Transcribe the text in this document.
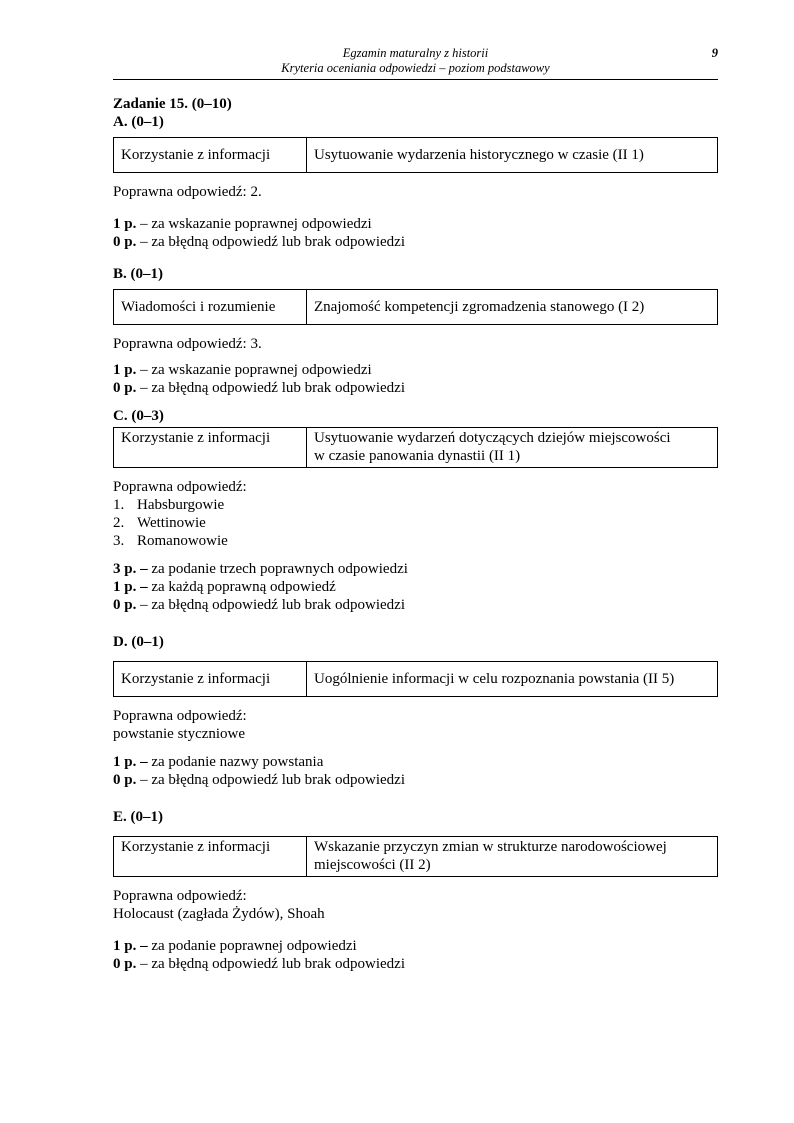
Egzamin maturalny z historii
Kryteria oceniania odpowiedzi – poziom podstawowy
9

Zadanie 15. (0–10)

A. (0–1)

Korzystanie z informacji	Usytuowanie wydarzenia historycznego w czasie (II 1)

Poprawna odpowiedź: 2.

1 p. – za wskazanie poprawnej odpowiedzi

0 p. – za błędną odpowiedź lub brak odpowiedzi

B. (0–1)

Wiadomości i rozumienie	Znajomość kompetencji zgromadzenia stanowego (I 2)

Poprawna odpowiedź: 3.

1 p. – za wskazanie poprawnej odpowiedzi

0 p. – za błędną odpowiedź lub brak odpowiedzi

C. (0–3)

Korzystanie z informacji	Usytuowanie wydarzeń dotyczących dziejów miejscowości
w czasie panowania dynastii (II 1)

Poprawna odpowiedź:

1. Habsburgowie
2. Wettinowie
3. Romanowowie

3 p. – za podanie trzech poprawnych odpowiedzi

1 p. – za każdą poprawną odpowiedź

0 p. – za błędną odpowiedź lub brak odpowiedzi

D. (0–1)

Korzystanie z informacji	Uogólnienie informacji w celu rozpoznania powstania (II 5)

Poprawna odpowiedź:

powstanie styczniowe

1 p. – za podanie nazwy powstania

0 p. – za błędną odpowiedź lub brak odpowiedzi

E. (0–1)

Korzystanie z informacji	Wskazanie przyczyn zmian w strukturze narodowościowej
miejscowości (II 2)

Poprawna odpowiedź:

Holocaust (zagłada Żydów), Shoah

1 p. – za podanie poprawnej odpowiedzi

0 p. – za błędną odpowiedź lub brak odpowiedzi
